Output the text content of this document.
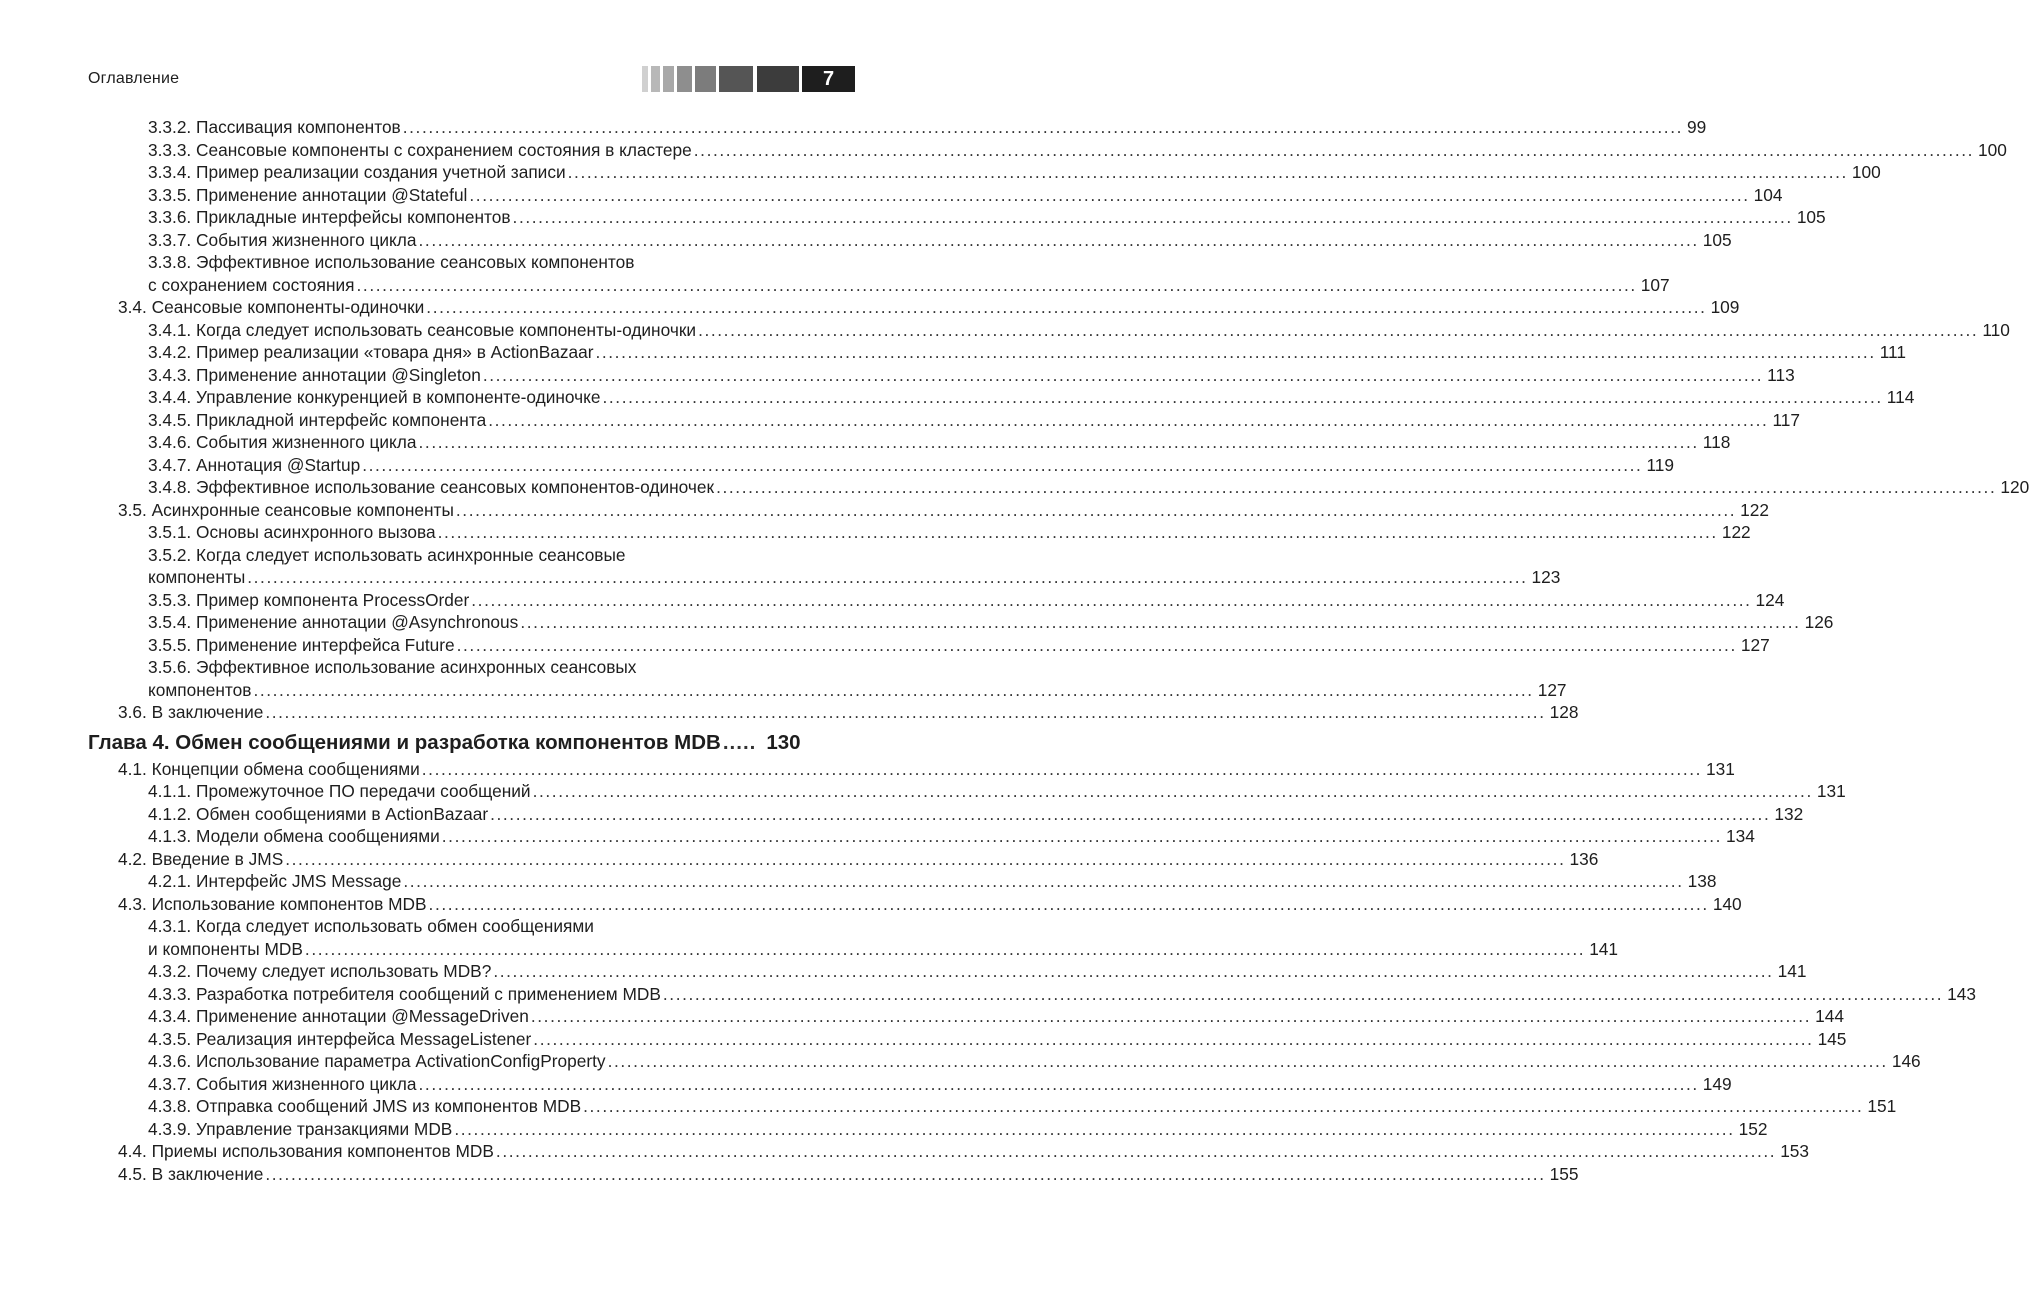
Оглавление	7
3.3.2. Пассивация компонентов ........................................................................................................................................................................................................ 99
3.3.3. Сеансовые компоненты с сохранением состояния в кластере ........................................................................................................................................................................................................ 100
3.3.4. Пример реализации создания учетной записи ........................................................................................................................................................................................................ 100
3.3.5. Применение аннотации @Stateful ........................................................................................................................................................................................................ 104
3.3.6. Прикладные интерфейсы компонентов ........................................................................................................................................................................................................ 105
3.3.7. События жизненного цикла ........................................................................................................................................................................................................ 105
3.3.8. Эффективное использование сеансовых компонентов
с сохранением состояния ........................................................................................................................................................................................................ 107
3.4. Сеансовые компоненты-одиночки ........................................................................................................................................................................................................ 109
3.4.1. Когда следует использовать сеансовые компоненты-одиночки ........................................................................................................................................................................................................ 110
3.4.2. Пример реализации «товара дня» в ActionBazaar ........................................................................................................................................................................................................ 111
3.4.3. Применение аннотации @Singleton ........................................................................................................................................................................................................ 113
3.4.4. Управление конкуренцией в компоненте-одиночке ........................................................................................................................................................................................................ 114
3.4.5. Прикладной интерфейс компонента ........................................................................................................................................................................................................ 117
3.4.6. События жизненного цикла ........................................................................................................................................................................................................ 118
3.4.7. Аннотация @Startup ........................................................................................................................................................................................................ 119
3.4.8. Эффективное использование сеансовых компонентов-одиночек ........................................................................................................................................................................................................ 120
3.5. Асинхронные сеансовые компоненты ........................................................................................................................................................................................................ 122
3.5.1. Основы асинхронного вызова ........................................................................................................................................................................................................ 122
3.5.2. Когда следует использовать асинхронные сеансовые
компоненты ........................................................................................................................................................................................................ 123
3.5.3. Пример компонента ProcessOrder ........................................................................................................................................................................................................ 124
3.5.4. Применение аннотации @Asynchronous ........................................................................................................................................................................................................ 126
3.5.5. Применение интерфейса Future ........................................................................................................................................................................................................ 127
3.5.6. Эффективное использование асинхронных сеансовых
компонентов ........................................................................................................................................................................................................ 127
3.6. В заключение ........................................................................................................................................................................................................ 128
Глава 4. Обмен сообщениями и разработка компонентов MDB ..... 130
4.1. Концепции обмена сообщениями ........................................................................................................................................................................................................ 131
4.1.1. Промежуточное ПО передачи сообщений ........................................................................................................................................................................................................ 131
4.1.2. Обмен сообщениями в ActionBazaar ........................................................................................................................................................................................................ 132
4.1.3. Модели обмена сообщениями ........................................................................................................................................................................................................ 134
4.2. Введение в JMS ........................................................................................................................................................................................................ 136
4.2.1. Интерфейс JMS Message ........................................................................................................................................................................................................ 138
4.3. Использование компонентов MDB ........................................................................................................................................................................................................ 140
4.3.1. Когда следует использовать обмен сообщениями
и компоненты MDB ........................................................................................................................................................................................................ 141
4.3.2. Почему следует использовать MDB? ........................................................................................................................................................................................................ 141
4.3.3. Разработка потребителя сообщений с применением MDB ........................................................................................................................................................................................................ 143
4.3.4. Применение аннотации @MessageDriven ........................................................................................................................................................................................................ 144
4.3.5. Реализация интерфейса MessageListener ........................................................................................................................................................................................................ 145
4.3.6. Использование параметра ActivationConfigProperty ........................................................................................................................................................................................................ 146
4.3.7. События жизненного цикла ........................................................................................................................................................................................................ 149
4.3.8. Отправка сообщений JMS из компонентов MDB ........................................................................................................................................................................................................ 151
4.3.9. Управление транзакциями MDB ........................................................................................................................................................................................................ 152
4.4. Приемы использования компонентов MDB ........................................................................................................................................................................................................ 153
4.5. В заключение ........................................................................................................................................................................................................ 155
